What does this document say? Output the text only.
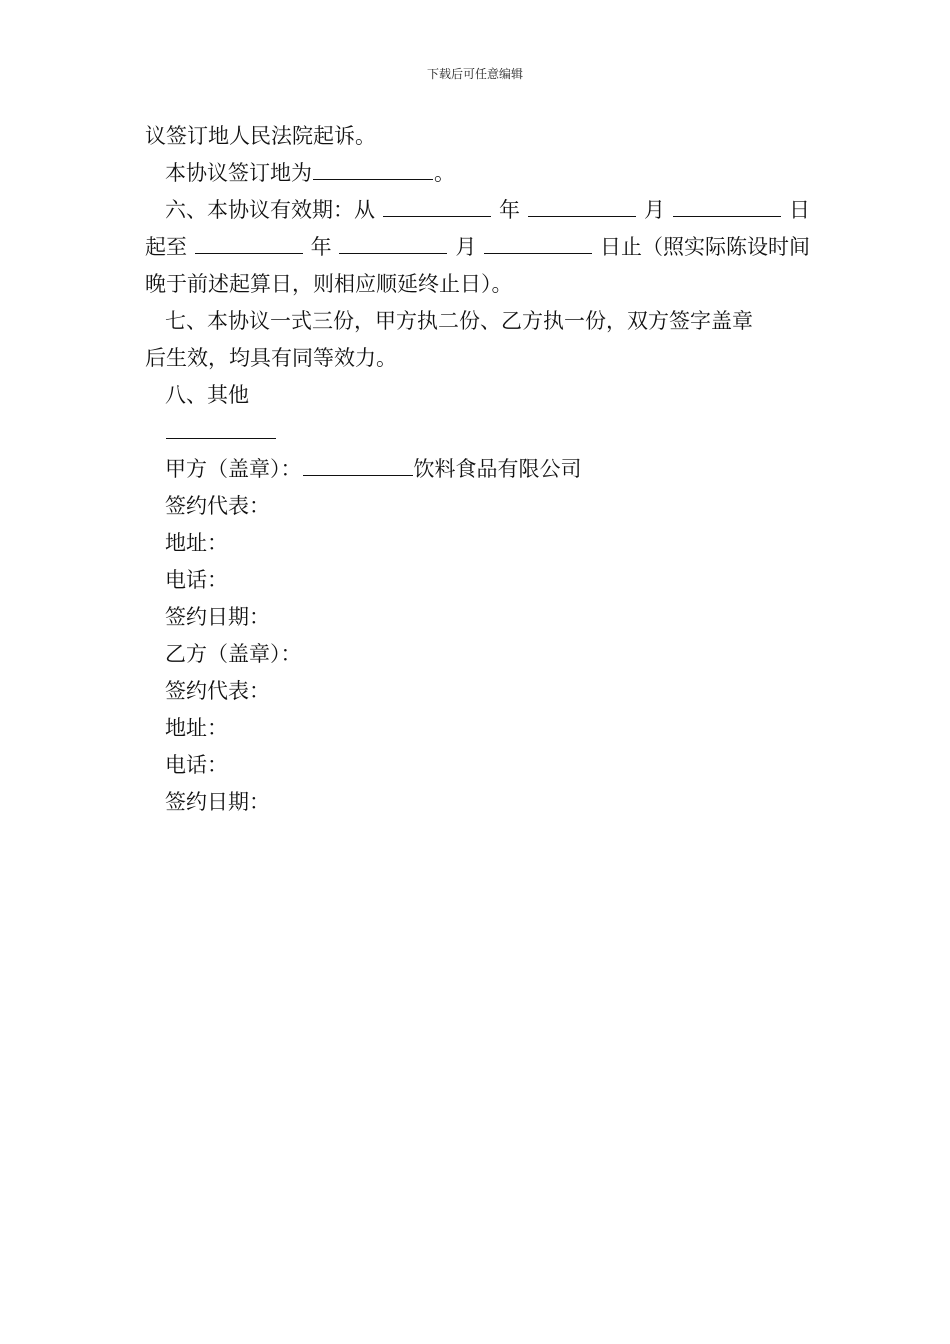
下载后可任意编辑
议签订地人民法院起诉。
本协议签订地为	。
六、本协议有效期：从	年	月	日
起至	年	月	日止（照实际陈设时间
晚于前述起算日，则相应顺延终止日）。
七、本协议一式三份，甲方执二份、乙方执一份，双方签字盖章
后生效，均具有同等效力。
八、其他
甲方（盖章）：	饮料食品有限公司
签约代表：
地址：
电话：
签约日期：
乙方（盖章）：
签约代表：
地址：
电话：
签约日期：
